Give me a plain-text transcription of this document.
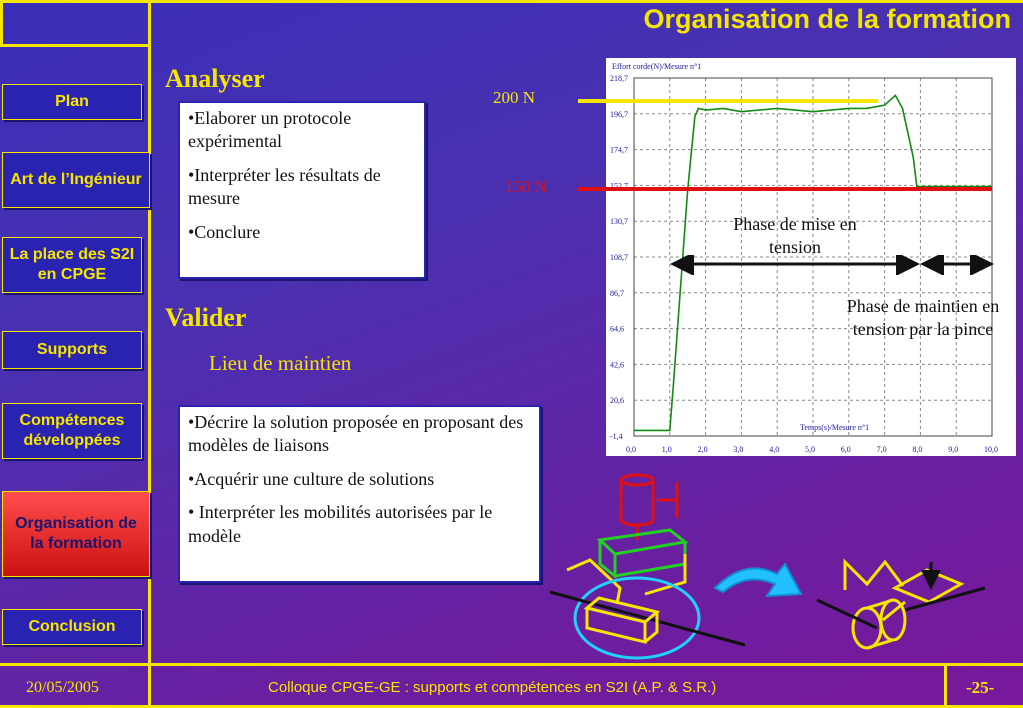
Organisation de la formation
Plan
Art de l’Ingénieur
La place des S2I en CPGE
Supports
Compétences développées
Organisation de la formation
Conclusion
Analyser

•Elaborer un protocole expérimental

•Interpréter les résultats de mesure

•Conclure

Valider
Lieu de maintien

•Décrire la solution proposée en proposant des modèles de liaisons

•Acquérir une culture de solutions

• Interpréter les mobilités autorisées par le modèle

218,7
196,7
174,7
152,7
130,7
108,7
86,7
64,6
42,6
20,6
-1,4
0,0	1,0	2,0	3,0	4,0	5,0	6,0	7,0	8,0	9,0	10,0
Effort corde(N)/Mesure n°1
Temps(s)/Mesure n°1
200 N
150 N
Phase de mise en tension
Phase de maintien en tension par la pince
20/05/2005	Colloque CPGE-GE : supports et compétences en S2I (A.P. & S.R.)	-25-
